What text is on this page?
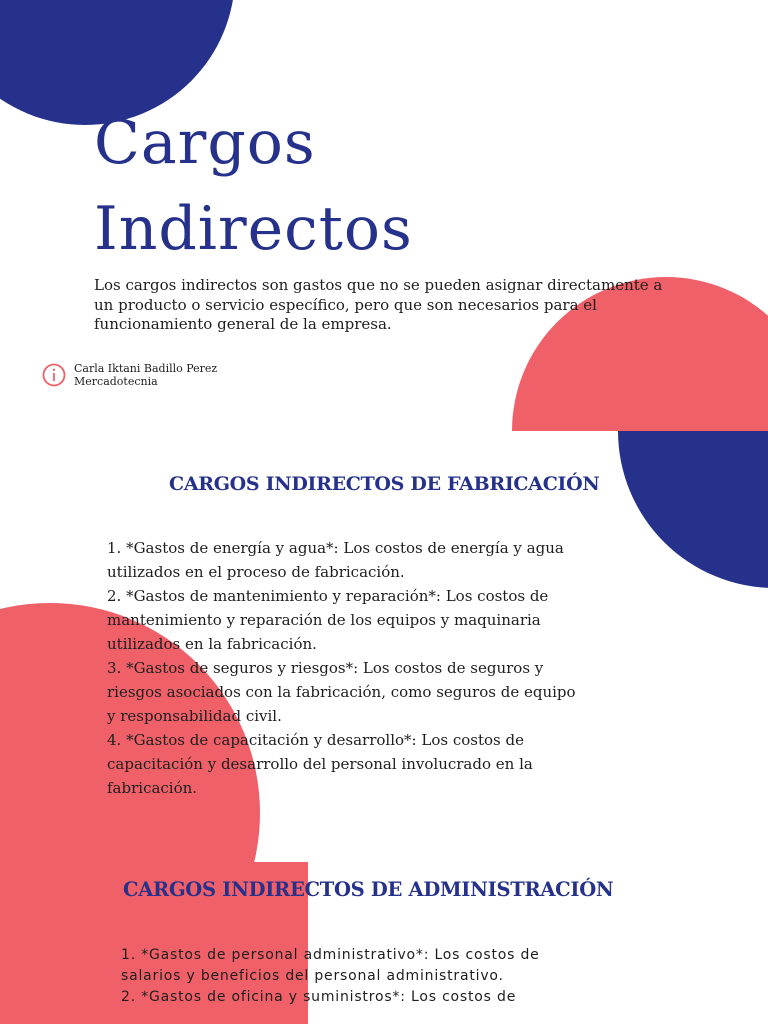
Cargos
Indirectos

Los cargos indirectos son gastos que no se pueden asignar directamente a un producto o servicio específico, pero que son necesarios para el funcionamiento general de la empresa.

Carla Iktani Badillo Perez
Mercadotecnia
CARGOS INDIRECTOS DE FABRICACIÓN
1. *Gastos de energía y agua*: Los costos de energía y agua utilizados en el proceso de fabricación.
2. *Gastos de mantenimiento y reparación*: Los costos de mantenimiento y reparación de los equipos y maquinaria utilizados en la fabricación.
3. *Gastos de seguros y riesgos*: Los costos de seguros y riesgos asociados con la fabricación, como seguros de equipo y responsabilidad civil.
4. *Gastos de capacitación y desarrollo*: Los costos de capacitación y desarrollo del personal involucrado en la fabricación.
CARGOS INDIRECTOS DE ADMINISTRACIÓN
1. *Gastos de personal administrativo*: Los costos de salarios y beneficios del personal administrativo.
2. *Gastos de oficina y suministros*: Los costos de
